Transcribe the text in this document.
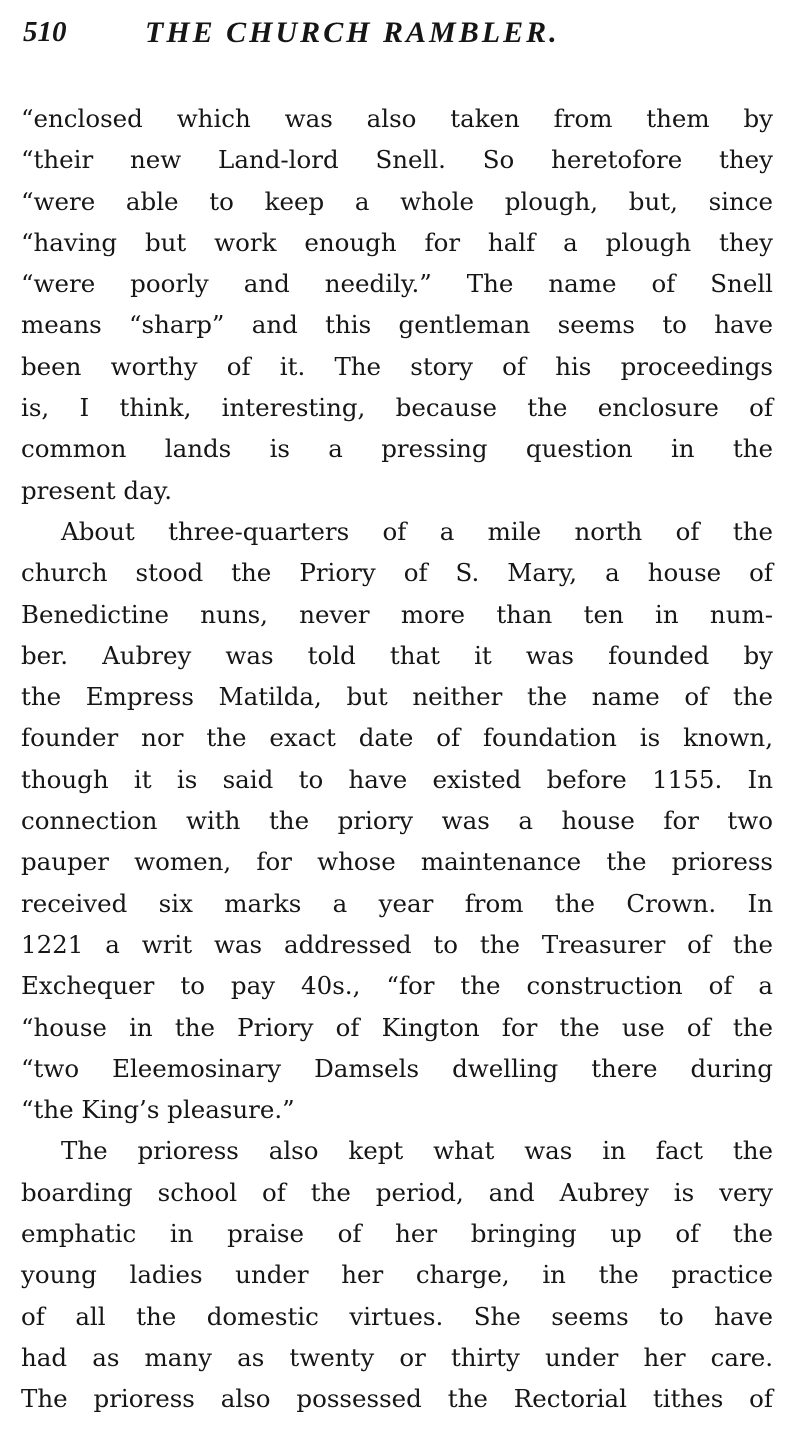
510	THE CHURCH RAMBLER.
“enclosed which was also taken from them by
“their new Land-lord Snell. So heretofore they
“were able to keep a whole plough, but, since
“having but work enough for half a plough they
“were poorly and needily.” The name of Snell
means “sharp” and this gentleman seems to have
been worthy of it. The story of his proceedings
is, I think, interesting, because the enclosure of
common lands is a pressing question in the
present day.
About three-quarters of a mile north of the
church stood the Priory of S. Mary, a house of
Benedictine nuns, never more than ten in num-
ber. Aubrey was told that it was founded by
the Empress Matilda, but neither the name of the
founder nor the exact date of foundation is known,
though it is said to have existed before 1155. In
connection with the priory was a house for two
pauper women, for whose maintenance the prioress
received six marks a year from the Crown. In
1221 a writ was addressed to the Treasurer of the
Exchequer to pay 40s., “for the construction of a
“house in the Priory of Kington for the use of the
“two Eleemosinary Damsels dwelling there during
“the King’s pleasure.”
The prioress also kept what was in fact the
boarding school of the period, and Aubrey is very
emphatic in praise of her bringing up of the
young ladies under her charge, in the practice
of all the domestic virtues. She seems to have
had as many as twenty or thirty under her care.
The prioress also possessed the Rectorial tithes of
